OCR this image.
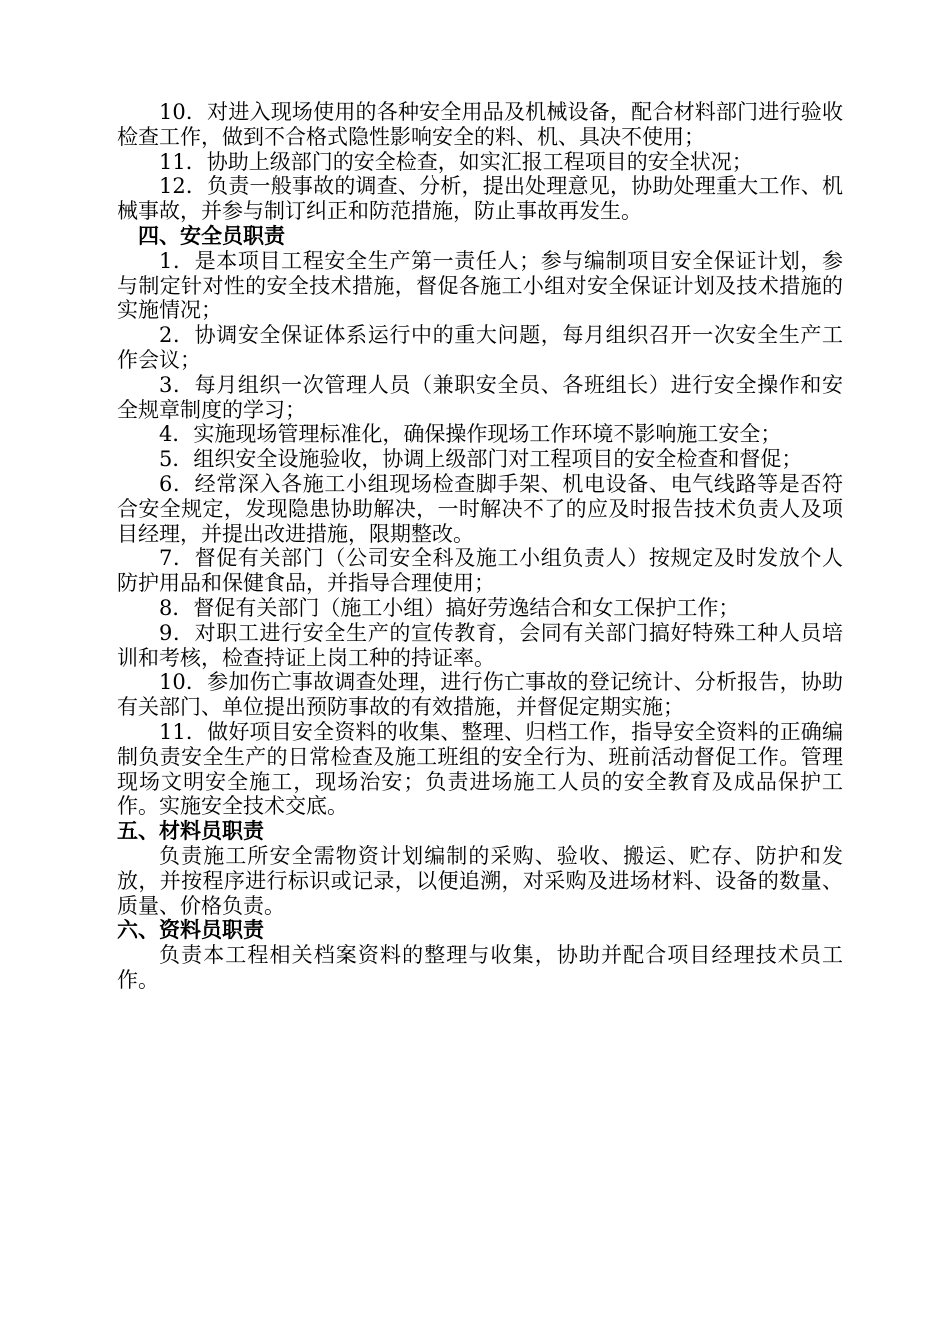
10．对进入现场使用的各种安全用品及机械设备，配合材料部门进行验收检查工作，做到不合格式隐性影响安全的料、机、具决不使用；

11．协助上级部门的安全检查，如实汇报工程项目的安全状况；

12．负责一般事故的调查、分析，提出处理意见，协助处理重大工作、机械事故，并参与制订纠正和防范措施，防止事故再发生。

四、安全员职责

1．是本项目工程安全生产第一责任人；参与编制项目安全保证计划，参与制定针对性的安全技术措施，督促各施工小组对安全保证计划及技术措施的实施情况；

2．协调安全保证体系运行中的重大问题，每月组织召开一次安全生产工作会议；

3．每月组织一次管理人员（兼职安全员、各班组长）进行安全操作和安全规章制度的学习；

4．实施现场管理标准化，确保操作现场工作环境不影响施工安全；

5．组织安全设施验收，协调上级部门对工程项目的安全检查和督促；

6．经常深入各施工小组现场检查脚手架、机电设备、电气线路等是否符合安全规定，发现隐患协助解决，一时解决不了的应及时报告技术负责人及项目经理，并提出改进措施，限期整改。

7．督促有关部门（公司安全科及施工小组负责人）按规定及时发放个人防护用品和保健食品，并指导合理使用；

8．督促有关部门（施工小组）搞好劳逸结合和女工保护工作；

9．对职工进行安全生产的宣传教育，会同有关部门搞好特殊工种人员培训和考核，检查持证上岗工种的持证率。

10．参加伤亡事故调查处理，进行伤亡事故的登记统计、分析报告，协助有关部门、单位提出预防事故的有效措施，并督促定期实施；

11．做好项目安全资料的收集、整理、归档工作，指导安全资料的正确编制负责安全生产的日常检查及施工班组的安全行为、班前活动督促工作。管理现场文明安全施工，现场治安；负责进场施工人员的安全教育及成品保护工作。实施安全技术交底。

五、材料员职责

负责施工所安全需物资计划编制的采购、验收、搬运、贮存、防护和发放，并按程序进行标识或记录，以便追溯，对采购及进场材料、设备的数量、质量、价格负责。

六、资料员职责

负责本工程相关档案资料的整理与收集，协助并配合项目经理技术员工作。
